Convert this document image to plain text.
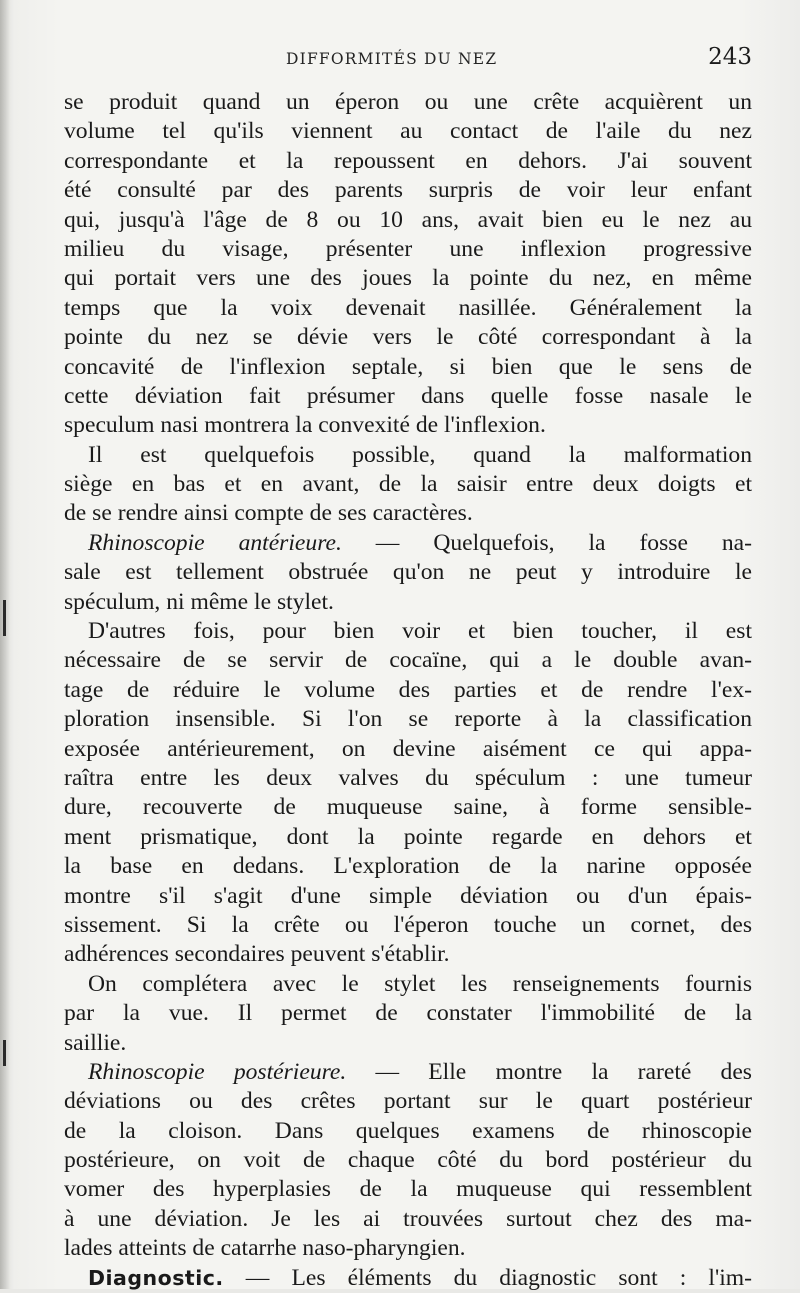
DIFFORMITÉS DU NEZ	243
se produit quand un éperon ou une crête acquièrent un
volume tel qu'ils viennent au contact de l'aile du nez
correspondante et la repoussent en dehors. J'ai souvent
été consulté par des parents surpris de voir leur enfant
qui, jusqu'à l'âge de 8 ou 10 ans, avait bien eu le nez au
milieu du visage, présenter une inflexion progressive
qui portait vers une des joues la pointe du nez, en même
temps que la voix devenait nasillée. Généralement la
pointe du nez se dévie vers le côté correspondant à la
concavité de l'inflexion septale, si bien que le sens de
cette déviation fait présumer dans quelle fosse nasale le
speculum nasi montrera la convexité de l'inflexion.
Il est quelquefois possible, quand la malformation
siège en bas et en avant, de la saisir entre deux doigts et
de se rendre ainsi compte de ses caractères.
Rhinoscopie antérieure. — Quelquefois, la fosse na-
sale est tellement obstruée qu'on ne peut y introduire le
spéculum, ni même le stylet.
D'autres fois, pour bien voir et bien toucher, il est
nécessaire de se servir de cocaïne, qui a le double avan-
tage de réduire le volume des parties et de rendre l'ex-
ploration insensible. Si l'on se reporte à la classification
exposée antérieurement, on devine aisément ce qui appa-
raîtra entre les deux valves du spéculum : une tumeur
dure, recouverte de muqueuse saine, à forme sensible-
ment prismatique, dont la pointe regarde en dehors et
la base en dedans. L'exploration de la narine opposée
montre s'il s'agit d'une simple déviation ou d'un épais-
sissement. Si la crête ou l'éperon touche un cornet, des
adhérences secondaires peuvent s'établir.
On complétera avec le stylet les renseignements fournis
par la vue. Il permet de constater l'immobilité de la
saillie.
Rhinoscopie postérieure. — Elle montre la rareté des
déviations ou des crêtes portant sur le quart postérieur
de la cloison. Dans quelques examens de rhinoscopie
postérieure, on voit de chaque côté du bord postérieur du
vomer des hyperplasies de la muqueuse qui ressemblent
à une déviation. Je les ai trouvées surtout chez des ma-
lades atteints de catarrhe naso-pharyngien.
Diagnostic. — Les éléments du diagnostic sont : l'im-
